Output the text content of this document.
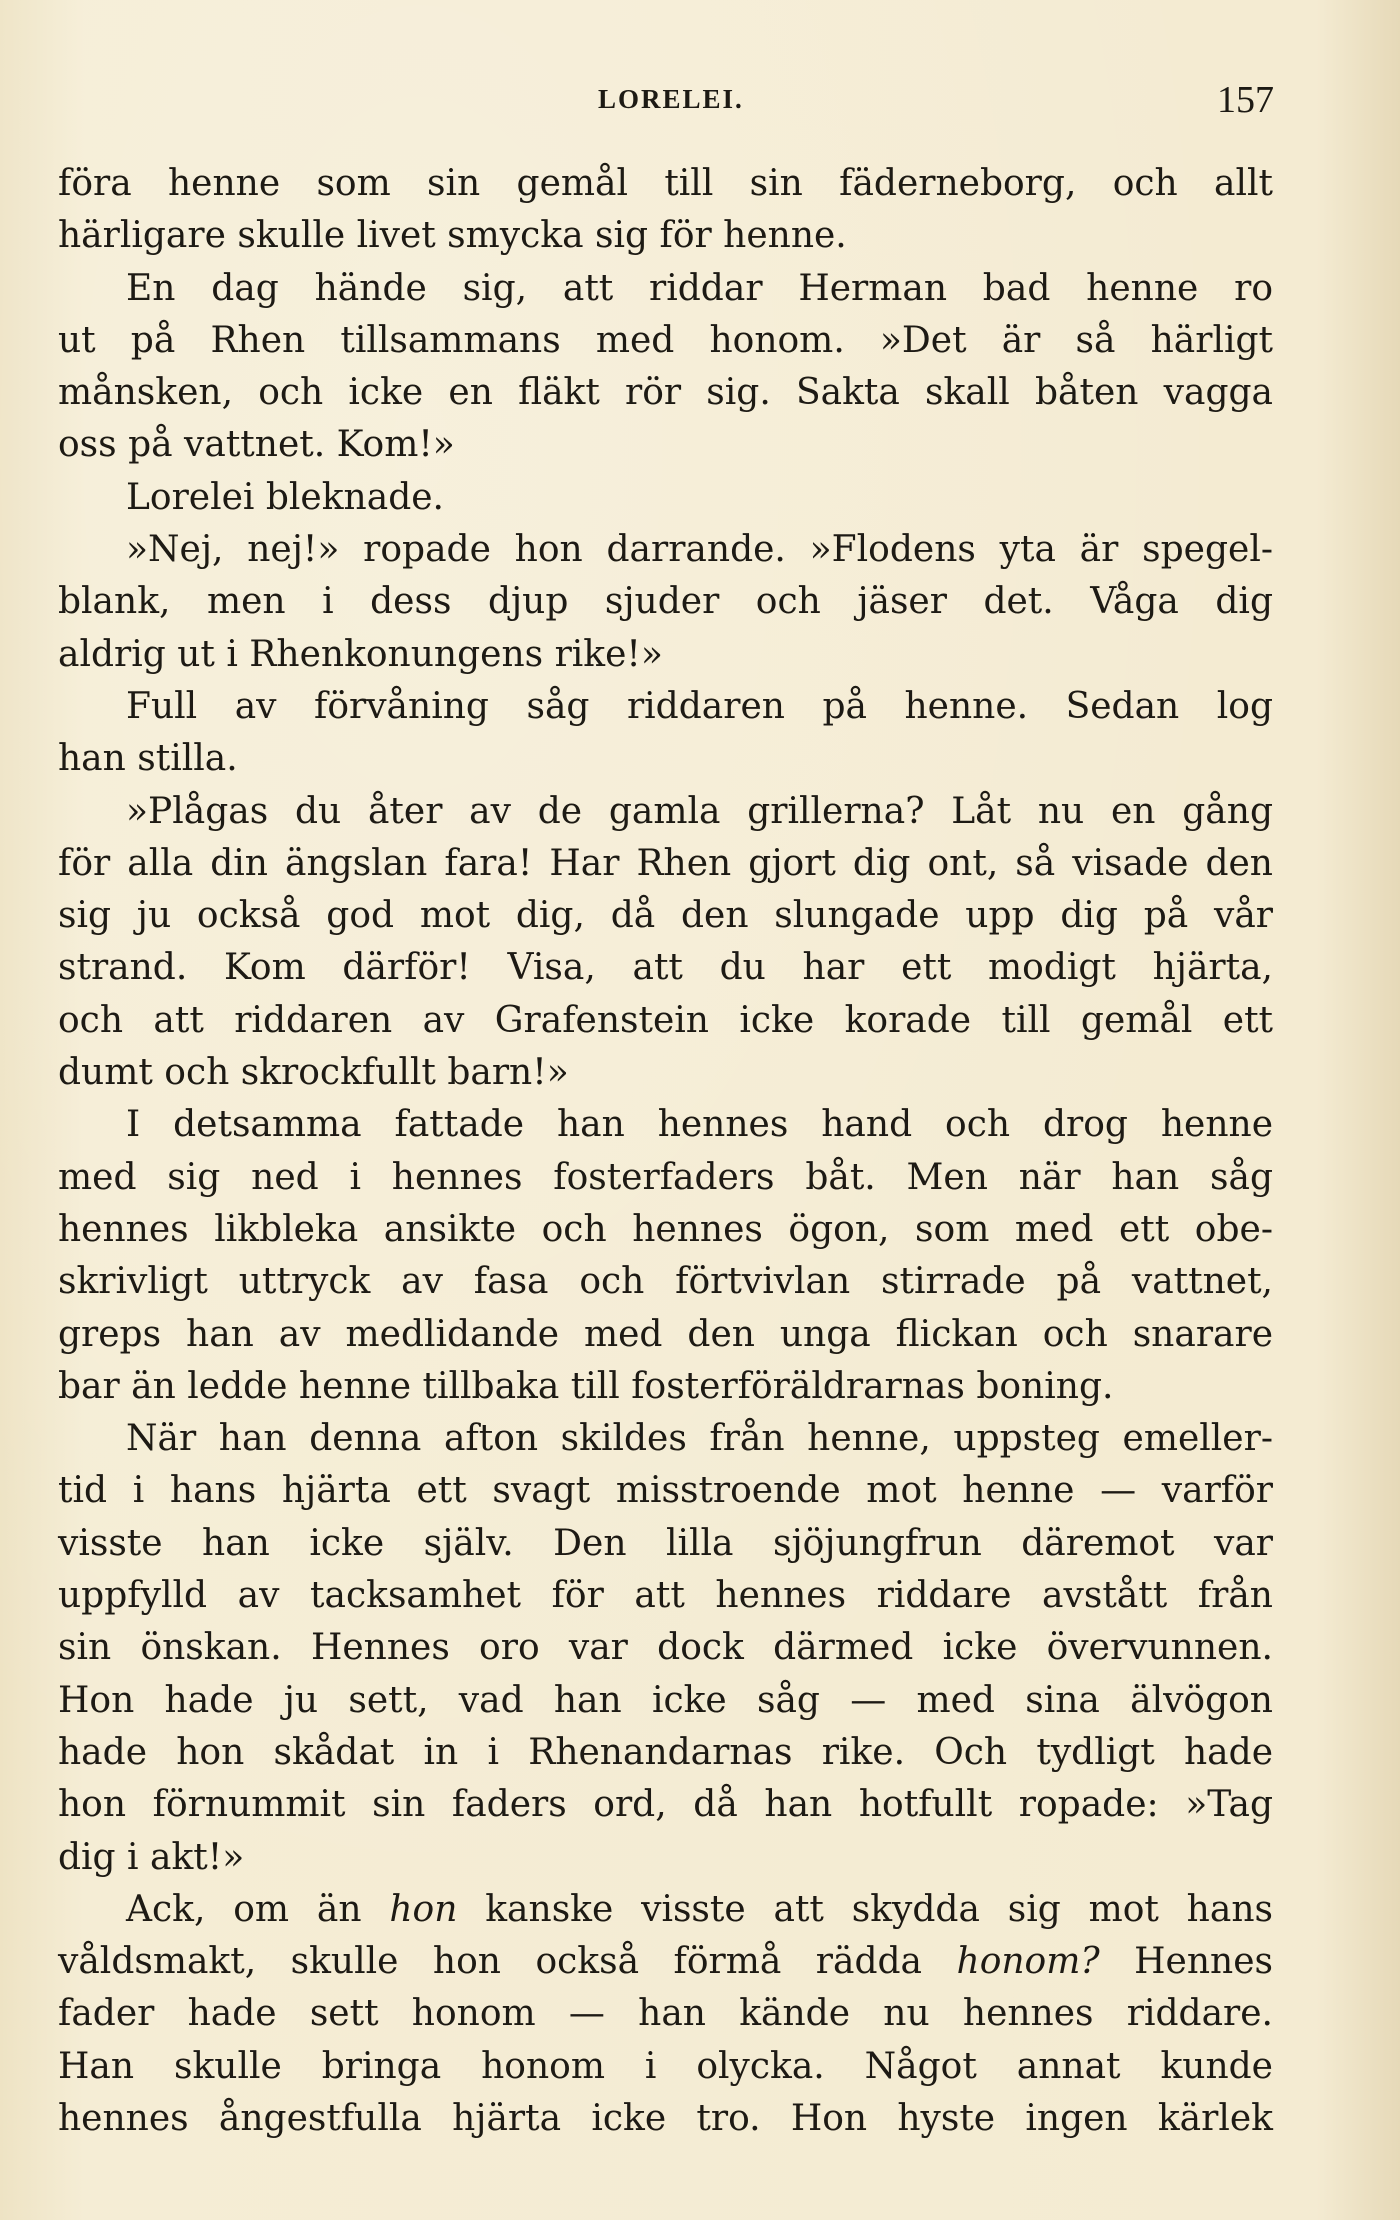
LORELEI.	157
föra henne som sin gemål till sin fäderneborg, och allt
härligare skulle livet smycka sig för henne.
En dag hände sig, att riddar Herman bad henne ro
ut på Rhen tillsammans med honom. »Det är så härligt
månsken, och icke en fläkt rör sig. Sakta skall båten vagga
oss på vattnet. Kom!»
Lorelei bleknade.
»Nej, nej!» ropade hon darrande. »Flodens yta är spegel-
blank, men i dess djup sjuder och jäser det. Våga dig
aldrig ut i Rhenkonungens rike!»
Full av förvåning såg riddaren på henne. Sedan log
han stilla.
»Plågas du åter av de gamla grillerna? Låt nu en gång
för alla din ängslan fara! Har Rhen gjort dig ont, så visade den
sig ju också god mot dig, då den slungade upp dig på vår
strand. Kom därför! Visa, att du har ett modigt hjärta,
och att riddaren av Grafenstein icke korade till gemål ett
dumt och skrockfullt barn!»
I detsamma fattade han hennes hand och drog henne
med sig ned i hennes fosterfaders båt. Men när han såg
hennes likbleka ansikte och hennes ögon, som med ett obe-
skrivligt uttryck av fasa och förtvivlan stirrade på vattnet,
greps han av medlidande med den unga flickan och snarare
bar än ledde henne tillbaka till fosterföräldrarnas boning.
När han denna afton skildes från henne, uppsteg emeller-
tid i hans hjärta ett svagt misstroende mot henne — varför
visste han icke själv. Den lilla sjöjungfrun däremot var
uppfylld av tacksamhet för att hennes riddare avstått från
sin önskan. Hennes oro var dock därmed icke övervunnen.
Hon hade ju sett, vad han icke såg — med sina älvögon
hade hon skådat in i Rhenandarnas rike. Och tydligt hade
hon förnummit sin faders ord, då han hotfullt ropade: »Tag
dig i akt!»
Ack, om än hon kanske visste att skydda sig mot hans
våldsmakt, skulle hon också förmå rädda honom? Hennes
fader hade sett honom — han kände nu hennes riddare.
Han skulle bringa honom i olycka. Något annat kunde
hennes ångestfulla hjärta icke tro. Hon hyste ingen kärlek
